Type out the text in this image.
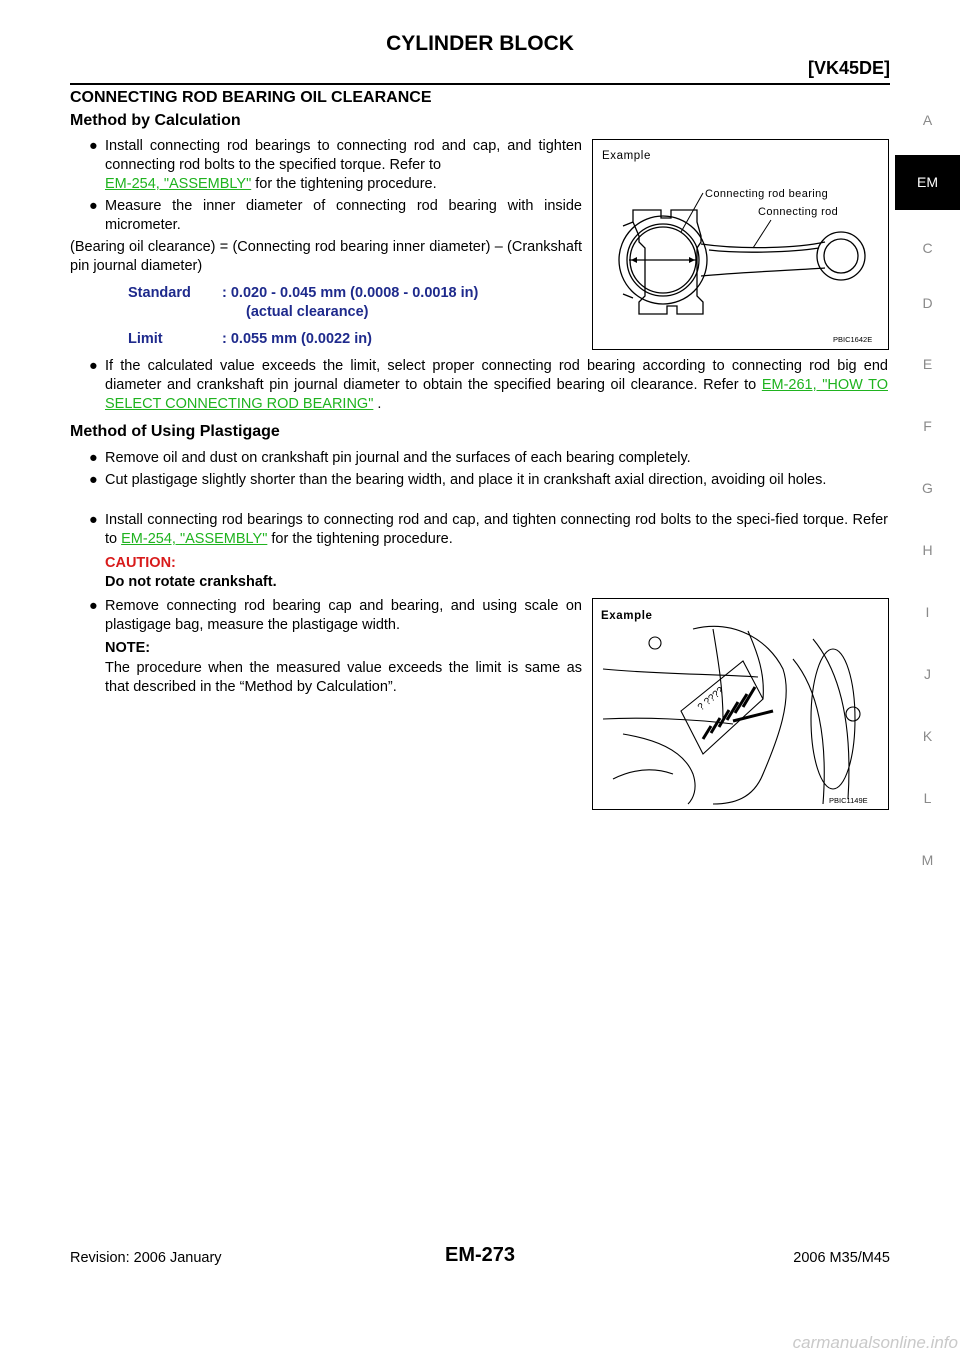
CYLINDER BLOCK
[VK45DE]
A
EM
C
D
E
F
G
H
I
J
K
L
M
CONNECTING ROD BEARING OIL CLEARANCE
Method by Calculation
● Install connecting rod bearings to connecting rod and cap, and tighten connecting rod bolts to the specified torque. Refer to
EM-254, "ASSEMBLY" for the tightening procedure.
● Measure the inner diameter of connecting rod bearing with inside micrometer.
(Bearing oil clearance) = (Connecting rod bearing inner diameter) – (Crankshaft pin journal diameter)
Standard : 0.020 - 0.045 mm (0.0008 - 0.0018 in)
(actual clearance)
Limit	: 0.055 mm (0.0022 in)
Example
Connecting rod bearing
Connecting rod
PBIC1642E
● If the calculated value exceeds the limit, select proper connecting rod bearing according to connecting rod big end diameter and crankshaft pin journal diameter to obtain the specified bearing oil clearance. Refer to EM-261, "HOW TO SELECT CONNECTING ROD BEARING" .
Method of Using Plastigage
● Remove oil and dust on crankshaft pin journal and the surfaces of each bearing completely.
● Cut plastigage slightly shorter than the bearing width, and place it in crankshaft axial direction, avoiding oil holes.
● Install connecting rod bearings to connecting rod and cap, and tighten connecting rod bolts to the speci-fied torque. Refer to EM-254, "ASSEMBLY" for the tightening procedure.
CAUTION:
Do not rotate crankshaft.
● Remove connecting rod bearing cap and bearing, and using scale on plastigage bag, measure the plastigage width.
NOTE:
The procedure when the measured value exceeds the limit is same as that described in the “Method by Calculation”.
Example
? ????
PBIC1149E
Revision: 2006 January	EM-273	2006 M35/M45
carmanualsonline.info
